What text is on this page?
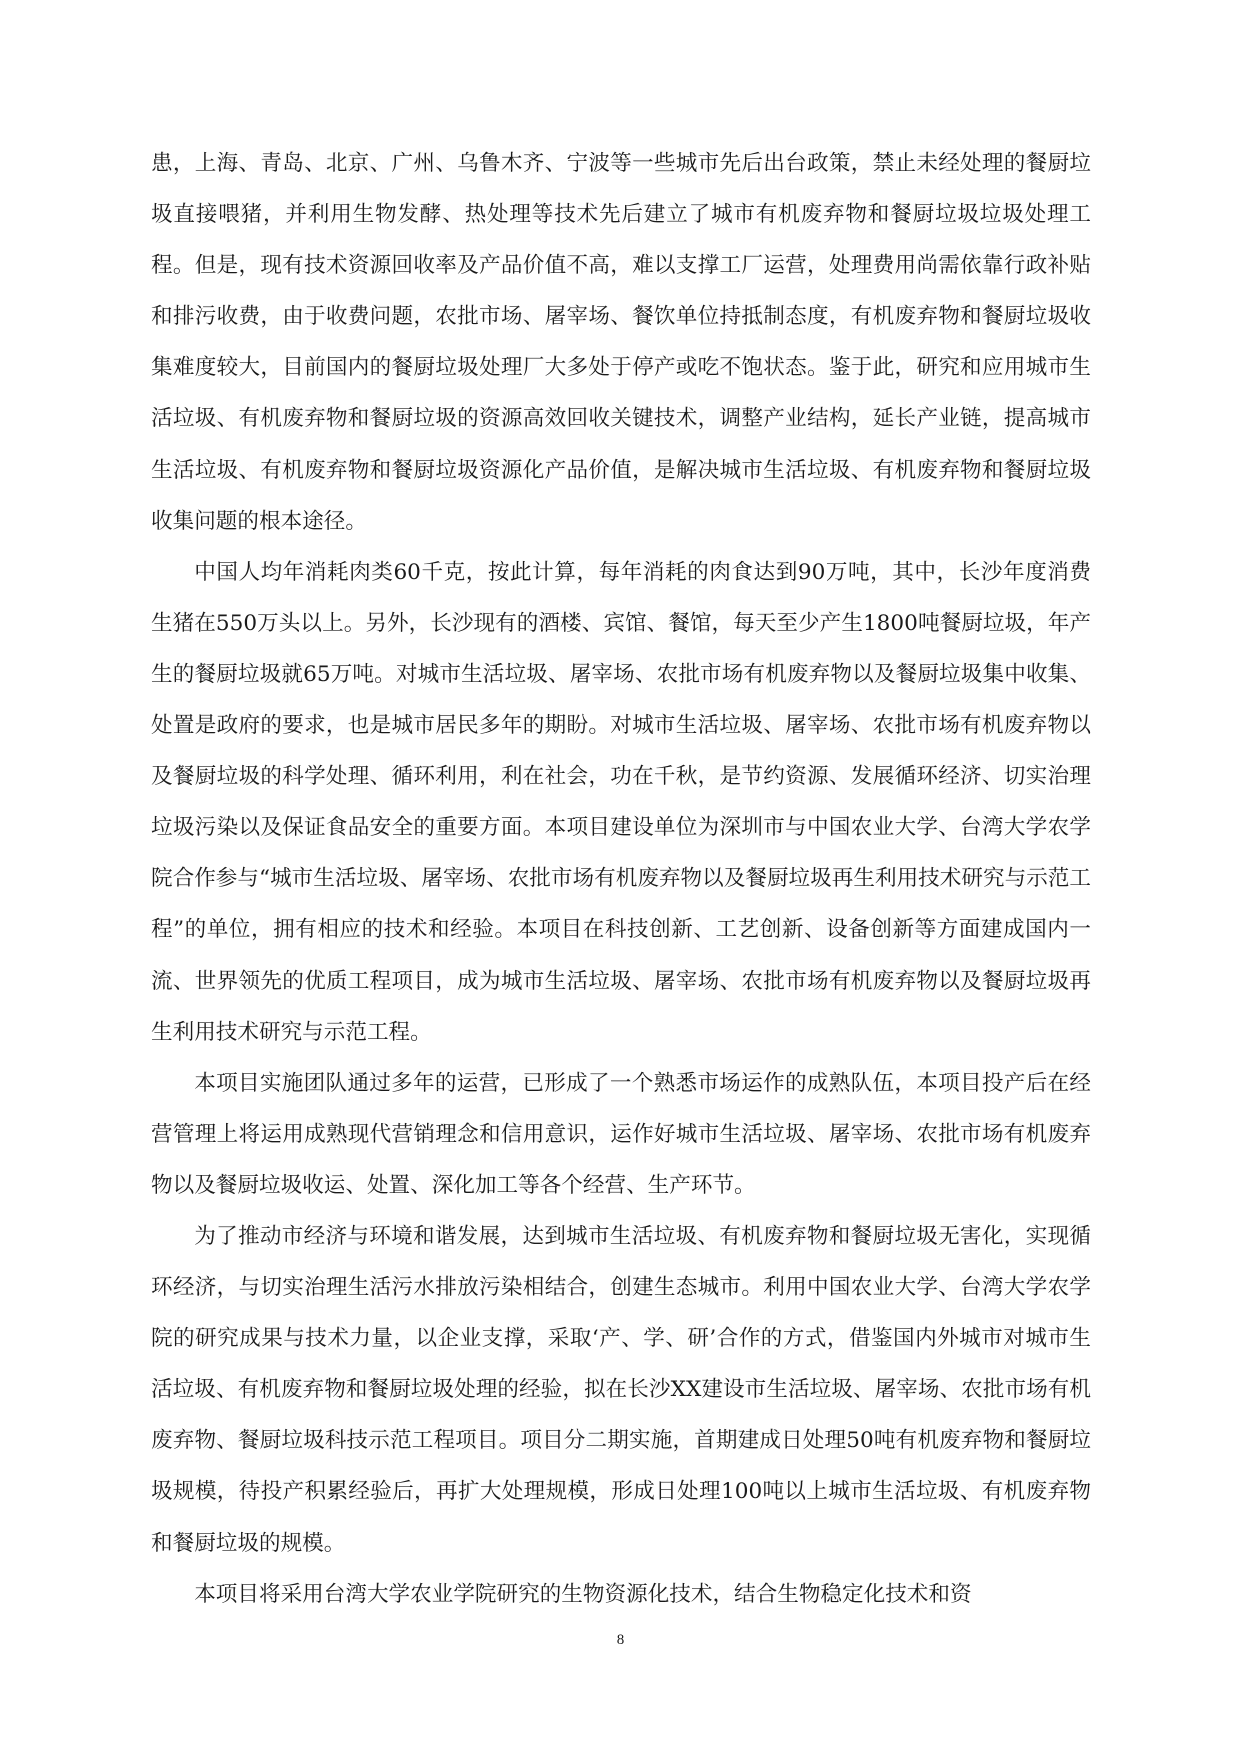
患，上海、青岛、北京、广州、乌鲁木齐、宁波等一些城市先后出台政策，禁止未经处理的餐厨垃圾直接喂猪，并利用生物发酵、热处理等技术先后建立了城市有机废弃物和餐厨垃圾垃圾处理工程。但是，现有技术资源回收率及产品价值不高，难以支撑工厂运营，处理费用尚需依靠行政补贴和排污收费，由于收费问题，农批市场、屠宰场、餐饮单位持抵制态度，有机废弃物和餐厨垃圾收集难度较大，目前国内的餐厨垃圾处理厂大多处于停产或吃不饱状态。鉴于此，研究和应用城市生活垃圾、有机废弃物和餐厨垃圾的资源高效回收关键技术，调整产业结构，延长产业链，提高城市生活垃圾、有机废弃物和餐厨垃圾资源化产品价值，是解决城市生活垃圾、有机废弃物和餐厨垃圾收集问题的根本途径。

中国人均年消耗肉类60千克，按此计算，每年消耗的肉食达到90万吨，其中，长沙年度消费生猪在550万头以上。另外，长沙现有的酒楼、宾馆、餐馆，每天至少产生1800吨餐厨垃圾，年产生的餐厨垃圾就65万吨。对城市生活垃圾、屠宰场、农批市场有机废弃物以及餐厨垃圾集中收集、处置是政府的要求，也是城市居民多年的期盼。对城市生活垃圾、屠宰场、农批市场有机废弃物以及餐厨垃圾的科学处理、循环利用，利在社会，功在千秋，是节约资源、发展循环经济、切实治理垃圾污染以及保证食品安全的重要方面。本项目建设单位为深圳市与中国农业大学、台湾大学农学院合作参与“城市生活垃圾、屠宰场、农批市场有机废弃物以及餐厨垃圾再生利用技术研究与示范工程”的单位，拥有相应的技术和经验。本项目在科技创新、工艺创新、设备创新等方面建成国内一流、世界领先的优质工程项目，成为城市生活垃圾、屠宰场、农批市场有机废弃物以及餐厨垃圾再生利用技术研究与示范工程。

本项目实施团队通过多年的运营，已形成了一个熟悉市场运作的成熟队伍，本项目投产后在经营管理上将运用成熟现代营销理念和信用意识，运作好城市生活垃圾、屠宰场、农批市场有机废弃物以及餐厨垃圾收运、处置、深化加工等各个经营、生产环节。

为了推动市经济与环境和谐发展，达到城市生活垃圾、有机废弃物和餐厨垃圾无害化，实现循环经济，与切实治理生活污水排放污染相结合，创建生态城市。利用中国农业大学、台湾大学农学院的研究成果与技术力量，以企业支撑，采取‘产、学、研’合作的方式，借鉴国内外城市对城市生活垃圾、有机废弃物和餐厨垃圾处理的经验，拟在长沙XX建设市生活垃圾、屠宰场、农批市场有机废弃物、餐厨垃圾科技示范工程项目。项目分二期实施，首期建成日处理50吨有机废弃物和餐厨垃圾规模，待投产积累经验后，再扩大处理规模，形成日处理100吨以上城市生活垃圾、有机废弃物和餐厨垃圾的规模。

本项目将采用台湾大学农业学院研究的生物资源化技术，结合生物稳定化技术和资

8
